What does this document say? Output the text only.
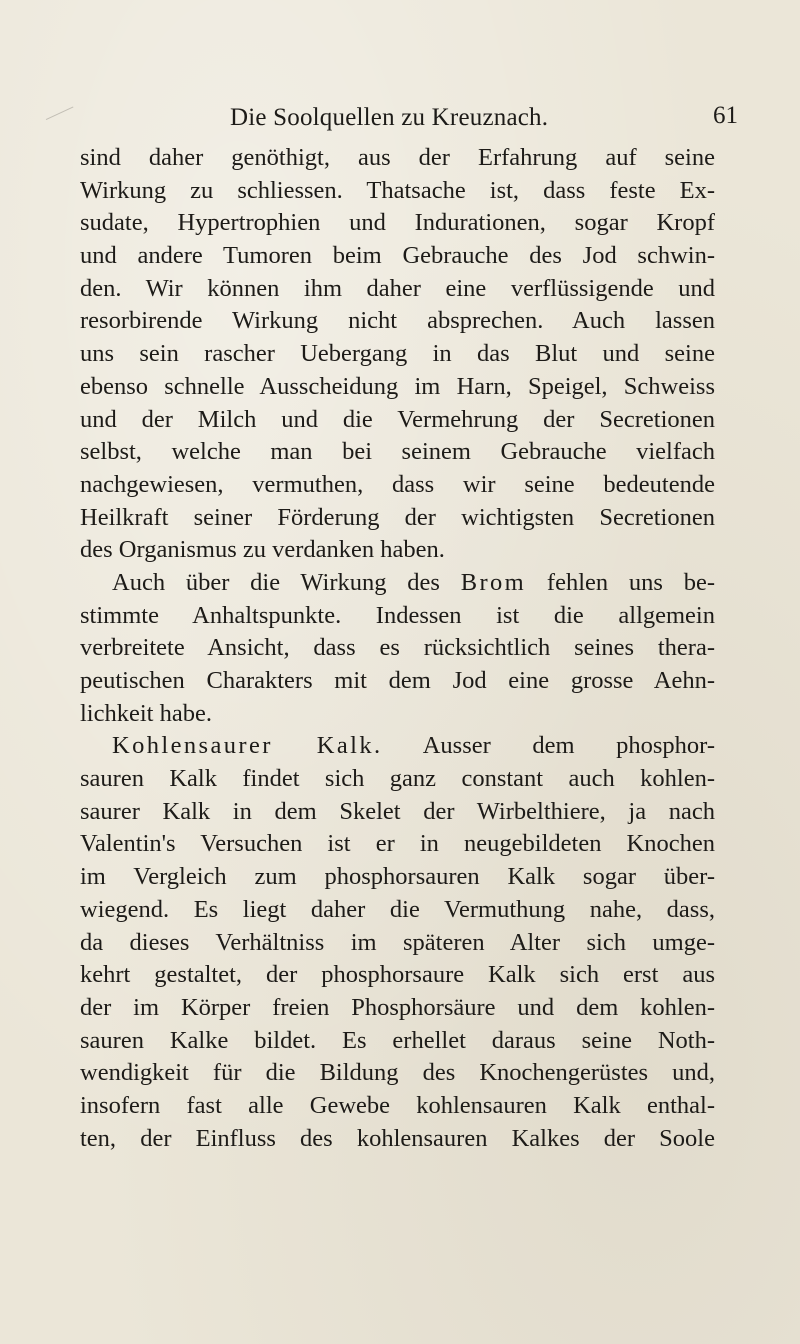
Die Soolquellen zu Kreuznach.	61
sind daher genöthigt, aus der Erfahrung auf seine
Wirkung zu schliessen. Thatsache ist, dass feste Ex-
sudate, Hypertrophien und Indurationen, sogar Kropf
und andere Tumoren beim Gebrauche des Jod schwin-
den. Wir können ihm daher eine verflüssigende und
resorbirende Wirkung nicht absprechen. Auch lassen
uns sein rascher Uebergang in das Blut und seine
ebenso schnelle Ausscheidung im Harn, Speigel, Schweiss
und der Milch und die Vermehrung der Secretionen
selbst, welche man bei seinem Gebrauche vielfach
nachgewiesen, vermuthen, dass wir seine bedeutende
Heilkraft seiner Förderung der wichtigsten Secretionen
des Organismus zu verdanken haben.
Auch über die Wirkung des Brom fehlen uns be-
stimmte Anhaltspunkte. Indessen ist die allgemein
verbreitete Ansicht, dass es rücksichtlich seines thera-
peutischen Charakters mit dem Jod eine grosse Aehn-
lichkeit habe.
Kohlensaurer Kalk. Ausser dem phosphor-
sauren Kalk findet sich ganz constant auch kohlen-
saurer Kalk in dem Skelet der Wirbelthiere, ja nach
Valentin's Versuchen ist er in neugebildeten Knochen
im Vergleich zum phosphorsauren Kalk sogar über-
wiegend. Es liegt daher die Vermuthung nahe, dass,
da dieses Verhältniss im späteren Alter sich umge-
kehrt gestaltet, der phosphorsaure Kalk sich erst aus
der im Körper freien Phosphorsäure und dem kohlen-
sauren Kalke bildet. Es erhellet daraus seine Noth-
wendigkeit für die Bildung des Knochengerüstes und,
insofern fast alle Gewebe kohlensauren Kalk enthal-
ten, der Einfluss des kohlensauren Kalkes der Soole
